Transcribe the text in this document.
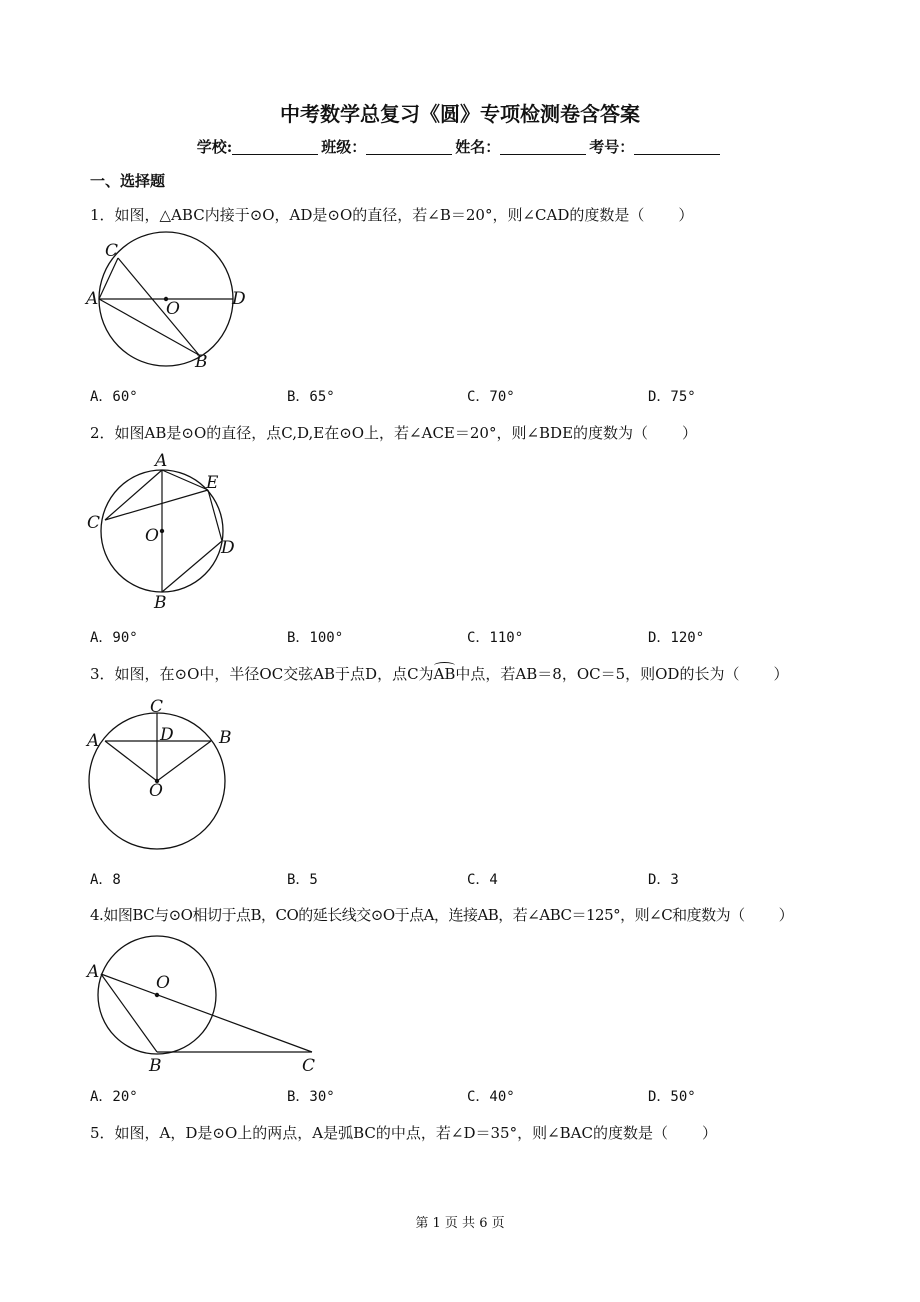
中考数学总复习《圆》专项检测卷含答案
学校:	班级：	姓名：	考号：
一、选择题
1．如图，△ABC内接于⊙O，AD是⊙O的直径，若∠B＝20°，则∠CAD的度数是（ ）
C
A	O	D
B
A．60°	B．65°	C．70°	D．75°
2．如图AB是⊙O的直径，点C,D,E在⊙O上，若∠ACE＝20°，则∠BDE的度数为（ ）
A
E
C
O
D
B
A．90°	B．100°	C．110°	D．120°
3．如图，在⊙O中，半径OC交弦AB于点D，点C为AB中点，若AB＝8，OC＝5，则OD的长为（ ）
C
D
A	B
O
A．8	B．5	C．4	D．3
4.如图BC与⊙O相切于点B，CO的延长线交⊙O于点A，连接AB，若∠ABC＝125°，则∠C和度数为（ ）
A
O
B	C
A．20°	B．30°	C．40°	D．50°
5．如图，A，D是⊙O上的两点，A是弧BC的中点，若∠D＝35°，则∠BAC的度数是（ ）
第 1 页 共 6 页
